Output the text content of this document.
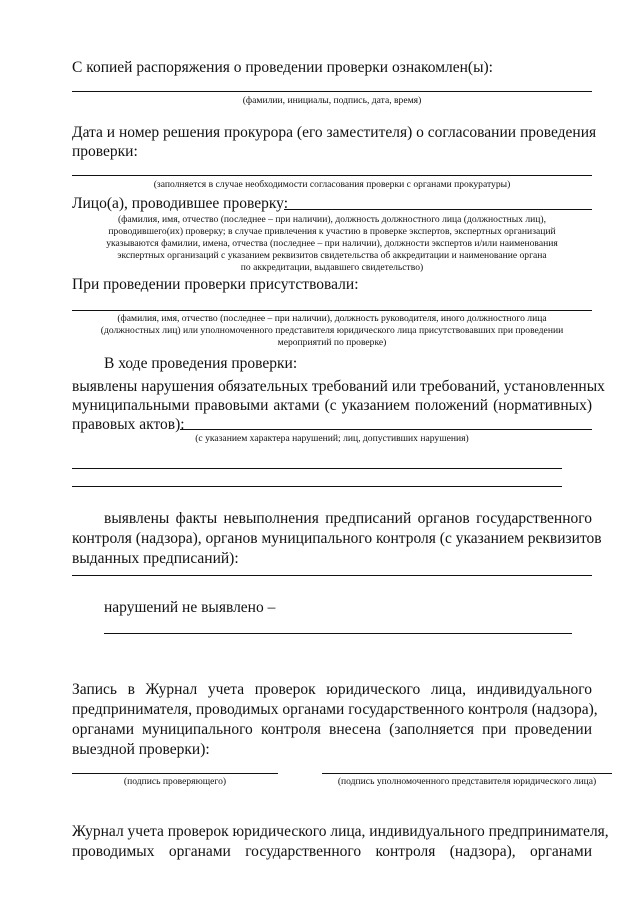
С копией распоряжения о проведении проверки ознакомлен(ы):
(фамилии, инициалы, подпись, дата, время)
Дата и номер решения прокурора (его заместителя) о согласовании проведения
проверки:
(заполняется в случае необходимости согласования проверки с органами прокуратуры)
Лицо(а), проводившее проверку:
(фамилия, имя, отчество (последнее – при наличии), должность должностного лица (должностных лиц),
проводившего(их) проверку; в случае привлечения к участию в проверке экспертов, экспертных организаций
указываются фамилии, имена, отчества (последнее – при наличии), должности экспертов и/или наименования
экспертных организаций с указанием реквизитов свидетельства об аккредитации и наименование органа
по аккредитации, выдавшего свидетельство)
При проведении проверки присутствовали:
(фамилия, имя, отчество (последнее – при наличии), должность руководителя, иного должностного лица
(должностных лиц) или уполномоченного представителя юридического лица присутствовавших при проведении
мероприятий по проверке)
В ходе проведения проверки:
выявлены нарушения обязательных требований или требований, установленных
муниципальными правовыми актами (с указанием положений (нормативных)
правовых актов):
(с указанием характера нарушений; лиц, допустивших нарушения)
выявлены факты невыполнения предписаний органов государственного
контроля (надзора), органов муниципального контроля (с указанием реквизитов
выданных предписаний):
нарушений не выявлено –
Запись в Журнал учета проверок юридического лица, индивидуального
предпринимателя, проводимых органами государственного контроля (надзора),
органами муниципального контроля внесена (заполняется при проведении
выездной проверки):
(подпись проверяющего)	(подпись уполномоченного представителя юридического лица)
Журнал учета проверок юридического лица, индивидуального предпринимателя,
проводимых органами государственного контроля (надзора), органами
